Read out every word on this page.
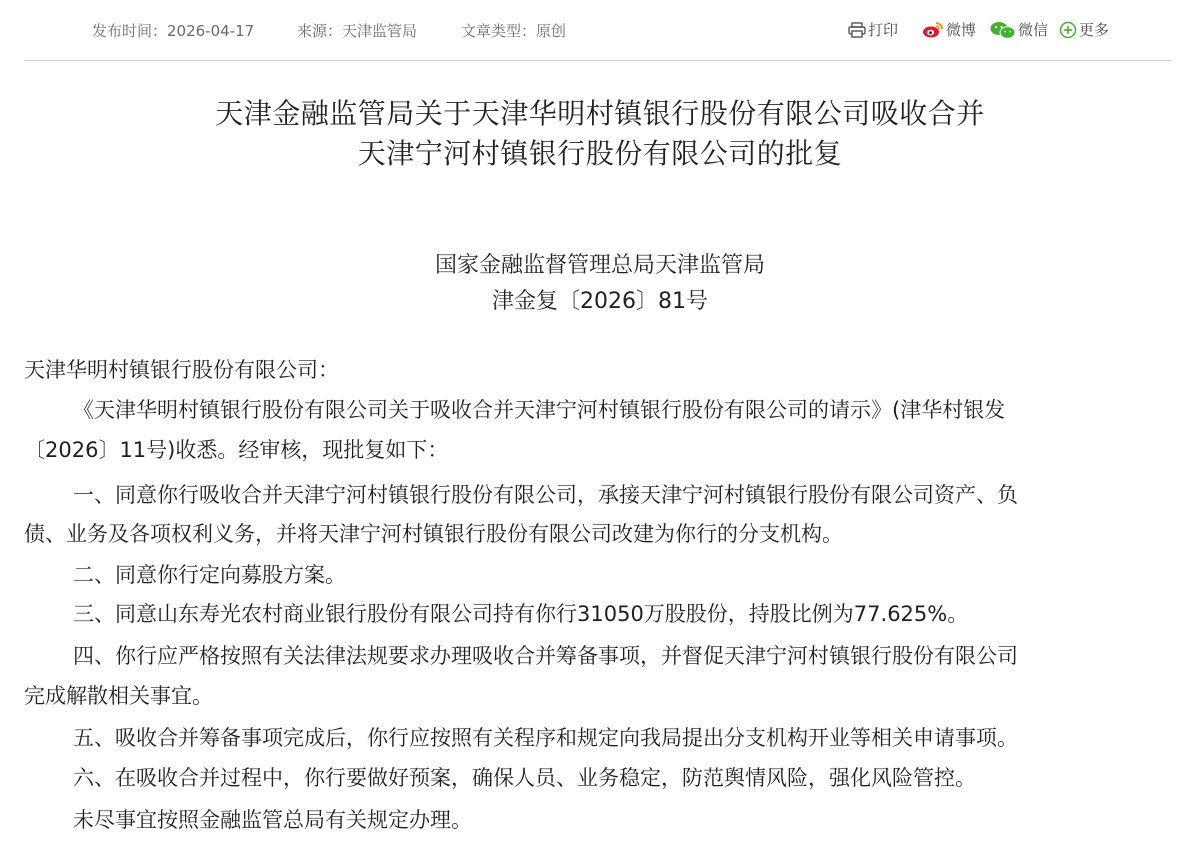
发布时间：2026-04-17	来源：天津监管局	文章类型：原创	打印	微博	微信 更多
天津金融监管局关于天津华明村镇银行股份有限公司吸收合并
天津宁河村镇银行股份有限公司的批复
国家金融监督管理总局天津监管局
津金复〔2026〕81号
天津华明村镇银行股份有限公司：
《天津华明村镇银行股份有限公司关于吸收合并天津宁河村镇银行股份有限公司的请示》(津华村银发
〔2026〕11号)收悉。经审核，现批复如下：
一、同意你行吸收合并天津宁河村镇银行股份有限公司，承接天津宁河村镇银行股份有限公司资产、负
债、业务及各项权利义务，并将天津宁河村镇银行股份有限公司改建为你行的分支机构。
二、同意你行定向募股方案。
三、同意山东寿光农村商业银行股份有限公司持有你行31050万股股份，持股比例为77.625%。
四、你行应严格按照有关法律法规要求办理吸收合并筹备事项，并督促天津宁河村镇银行股份有限公司
完成解散相关事宜。
五、吸收合并筹备事项完成后，你行应按照有关程序和规定向我局提出分支机构开业等相关申请事项。
六、在吸收合并过程中，你行要做好预案，确保人员、业务稳定，防范舆情风险，强化风险管控。
未尽事宜按照金融监管总局有关规定办理。
